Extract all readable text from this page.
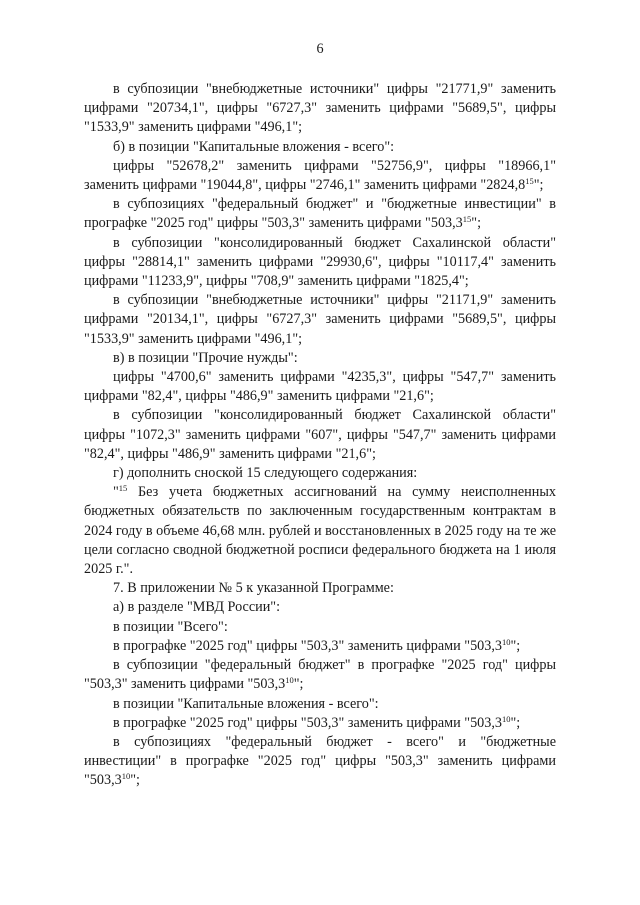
6

в субпозиции "внебюджетные источники" цифры "21771,9" заменить цифрами "20734,1", цифры "6727,3" заменить цифрами "5689,5", цифры "1533,9" заменить цифрами "496,1";

б) в позиции "Капитальные вложения - всего":

цифры "52678,2" заменить цифрами "52756,9", цифры "18966,1" заменить цифрами "19044,8", цифры "2746,1" заменить цифрами "2824,8$^{15}$";

в субпозициях "федеральный бюджет" и "бюджетные инвестиции" в прографке "2025 год" цифры "503,3" заменить цифрами "503,3$^{15}$";

в субпозиции "консолидированный бюджет Сахалинской области" цифры "28814,1" заменить цифрами "29930,6", цифры "10117,4" заменить цифрами "11233,9", цифры "708,9" заменить цифрами "1825,4";

в субпозиции "внебюджетные источники" цифры "21171,9" заменить цифрами "20134,1", цифры "6727,3" заменить цифрами "5689,5", цифры "1533,9" заменить цифрами "496,1";

в) в позиции "Прочие нужды":

цифры "4700,6" заменить цифрами "4235,3", цифры "547,7" заменить цифрами "82,4", цифры "486,9" заменить цифрами "21,6";

в субпозиции "консолидированный бюджет Сахалинской области" цифры "1072,3" заменить цифрами "607", цифры "547,7" заменить цифрами "82,4", цифры "486,9" заменить цифрами "21,6";

г) дополнить сноской 15 следующего содержания:

"$^{15}$ Без учета бюджетных ассигнований на сумму неисполненных бюджетных обязательств по заключенным государственным контрактам в 2024 году в объеме 46,68 млн. рублей и восстановленных в 2025 году на те же цели согласно сводной бюджетной росписи федерального бюджета на 1 июля 2025 г.".

7. В приложении № 5 к указанной Программе:

а) в разделе "МВД России":

в позиции "Всего":

в прографке "2025 год" цифры "503,3" заменить цифрами "503,3$^{10}$";

в субпозиции "федеральный бюджет" в прографке "2025 год" цифры "503,3" заменить цифрами "503,3$^{10}$";

в позиции "Капитальные вложения - всего":

в прографке "2025 год" цифры "503,3" заменить цифрами "503,3$^{10}$";

в субпозициях "федеральный бюджет - всего" и "бюджетные инвестиции" в прографке "2025 год" цифры "503,3" заменить цифрами "503,3$^{10}$";
